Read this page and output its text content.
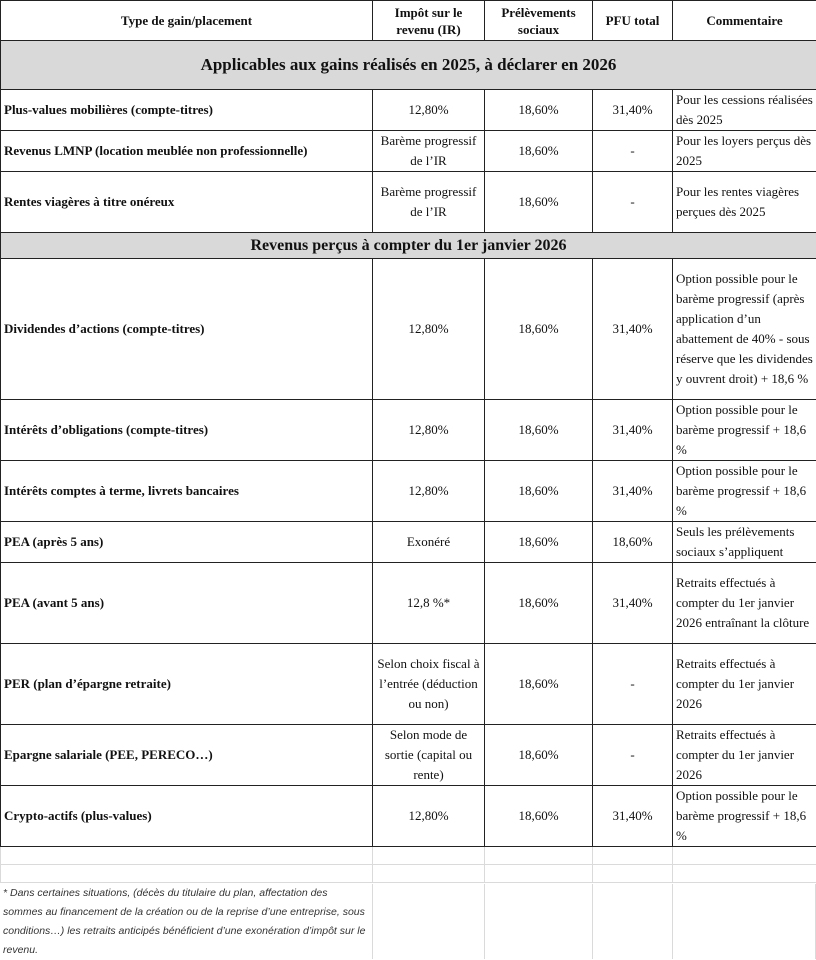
Type de gain/placement	Impôt sur le revenu (IR)	Prélèvements sociaux	PFU total	Commentaire
Applicables aux gains réalisés en 2025, à déclarer en 2026				
Plus-values mobilières (compte-titres)	12,80%	18,60%	31,40%	Pour les cessions réalisées dès 2025
Revenus LMNP (location meublée non professionnelle)	Barème progressif de l’IR	18,60%	-	Pour les loyers perçus dès 2025
Rentes viagères à titre onéreux	Barème progressif de l’IR	18,60%	-	Pour les rentes viagères perçues dès 2025
Revenus perçus à compter du 1er janvier 2026				
Dividendes d’actions (compte-titres)	12,80%	18,60%	31,40%	Option possible pour le barème progressif (après application d’un abattement de 40% - sous réserve que les dividendes y ouvrent droit) + 18,6 %
Intérêts d’obligations (compte-titres)	12,80%	18,60%	31,40%	Option possible pour le barème progressif + 18,6 %
Intérêts comptes à terme, livrets bancaires	12,80%	18,60%	31,40%	Option possible pour le barème progressif + 18,6 %
PEA (après 5 ans)	Exonéré	18,60%	18,60%	Seuls les prélèvements sociaux s’appliquent
PEA (avant 5 ans)	12,8 %*	18,60%	31,40%	Retraits effectués à compter du 1er janvier 2026 entraînant la clôture
PER (plan d’épargne retraite)	Selon choix fiscal à l’entrée (déduction ou non)	18,60%	-	Retraits effectués à compter du 1er janvier 2026
Epargne salariale (PEE, PERECO…)	Selon mode de sortie (capital ou rente)	18,60%	-	Retraits effectués à compter du 1er janvier 2026
Crypto-actifs (plus-values)	12,80%	18,60%	31,40%	Option possible pour le barème progressif + 18,6 %

* Dans certaines situations, (décès du titulaire du plan, affectation des sommes au financement de la création ou de la reprise d’une entreprise, sous conditions…) les retraits anticipés bénéficient d’une exonération d’impôt sur le revenu.
